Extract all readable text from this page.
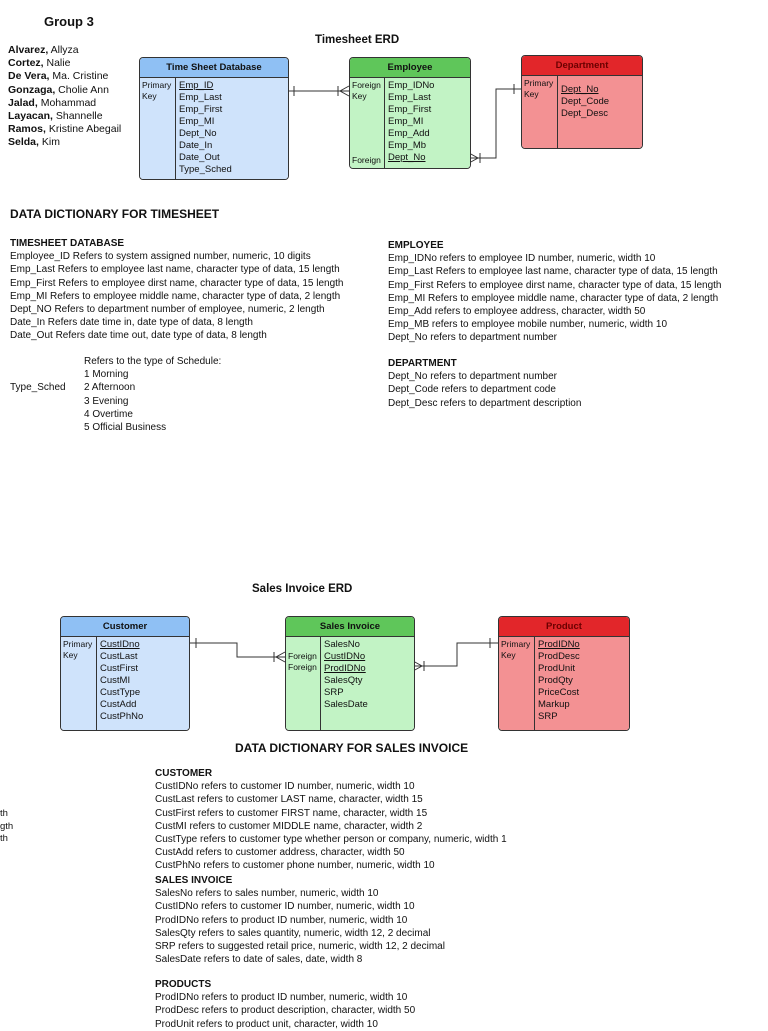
Group 3
Alvarez, Allyza
Cortez, Nalie
De Vera, Ma. Cristine
Gonzaga, Cholie Ann
Jalad, Mohammad
Layacan, Shannelle
Ramos, Kristine Abegail
Selda, Kim
Timesheet ERD
Time Sheet Database
Primary
Key
Emp_ID
Emp_Last
Emp_First
Emp_MI
Dept_No
Date_In
Date_Out
Type_Sched
Employee
Foreign
Key
Foreign
Emp_IDNo
Emp_Last
Emp_First
Emp_MI
Emp_Add
Emp_Mb
Dept_No
Department
Primary
Key	Dept_No
Dept_Code
Dept_Desc
DATA DICTIONARY FOR TIMESHEET
TIMESHEET DATABASE
Employee_ID Refers to system assigned number, numeric, 10 digits
Emp_Last Refers to employee last name, character type of data, 15 length
Emp_First Refers to employee dirst name, character type of data, 15 length
Emp_MI Refers to employee middle name, character type of data, 2 length
Dept_NO Refers to department number of employee, numeric, 2 length
Date_In Refers date time in, date type of data, 8 length
Date_Out Refers date time out, date type of data, 8 length
Type_Sched
Refers to the type of Schedule:
1 Morning
2 Afternoon
3 Evening
4 Overtime
5 Official Business
EMPLOYEE
Emp_IDNo refers to employee ID number, numeric, width 10
Emp_Last Refers to employee last name, character type of data, 15 length
Emp_First Refers to employee dirst name, character type of data, 15 length
Emp_MI Refers to employee middle name, character type of data, 2 length
Emp_Add refers to employee address, character, width 50
Emp_MB refers to employee mobile number, numeric, width 10
Dept_No refers to department number
DEPARTMENT
Dept_No refers to department number
Dept_Code refers to department code
Dept_Desc refers to department description
Sales Invoice ERD
Customer
Primary
Key
CustIDno
CustLast
CustFirst
CustMI
CustType
CustAdd
CustPhNo
Sales Invoice
Foreign
Foreign
SalesNo
CustIDNo
ProdIDNo
SalesQty
SRP
SalesDate
Product
Primary
Key
ProdIDNo
ProdDesc
ProdUnit
ProdQty
PriceCost
Markup
SRP
DATA DICTIONARY FOR SALES INVOICE
th
gth
th
CUSTOMER
CustIDNo refers to customer ID number, numeric, width 10
CustLast refers to customer LAST name, character, width 15
CustFirst refers to customer FIRST name, character, width 15
CustMI refers to customer MIDDLE name, character, width 2
CustType refers to customer type whether person or company, numeric, width 1
CustAdd refers to customer address, character, width 50
CustPhNo refers to customer phone number, numeric, width 10
SALES INVOICE
SalesNo refers to sales number, numeric, width 10
CustIDNo refers to customer ID number, numeric, width 10
ProdIDNo refers to product ID number, numeric, width 10
SalesQty refers to sales quantity, numeric, width 12, 2 decimal
SRP refers to suggested retail price, numeric, width 12, 2 decimal
SalesDate refers to date of sales, date, width 8
PRODUCTS
ProdIDNo refers to product ID number, numeric, width 10
ProdDesc refers to product description, character, width 50
ProdUnit refers to product unit, character, width 10
